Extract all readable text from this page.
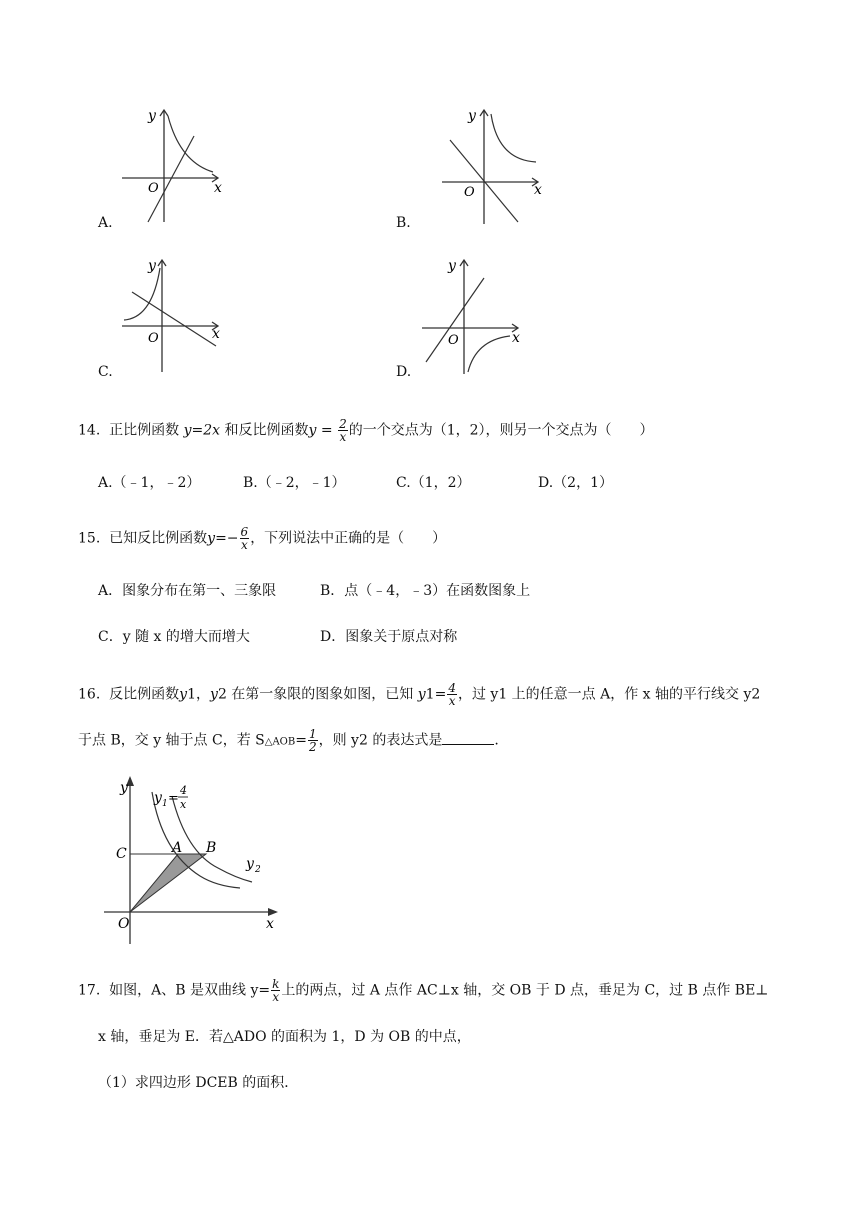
y
x
O
A.
y
x
O
B.
y
x
O
C.
y
x
O
D.
14. 正比例函数 y=2x 和反比例函数$y = \frac{2}{x}$ 的一个交点为（1，2），则另一个交点为（　　）
A.（﹣1，﹣2）	B.（﹣2，﹣1）	C.（1，2）	D.（2，1）
15. 已知反比例函数$y=- \frac{6}{x}$ ，下列说法中正确的是（　　）
A．图象分布在第一、三象限	B．点（﹣4，﹣3）在函数图象上
C．y 随 x 的增大而增大	D．图象关于原点对称
16. 反比例函数y1，y2 在第一象限的图象如图，已知 $y1= \frac{4}{x}$ ，过 y1 上的任意一点 A，作 x 轴的平行线交 y2
于点 B，交 y 轴于点 C，若 S△AOB= $\frac{1}{2}$ ，则 y2 的表达式是	.
y
x
O
C	A B
y 1 =
4
x
y 2
17. 如图，A、B 是双曲线 $y= \frac{k}{x}$ 上的两点，过 A 点作 AC⊥x 轴，交 OB 于 D 点，垂足为 C，过 B 点作 BE⊥
x 轴，垂足为 E．若△ADO 的面积为 1，D 为 OB 的中点，
（1）求四边形 DCEB 的面积．
